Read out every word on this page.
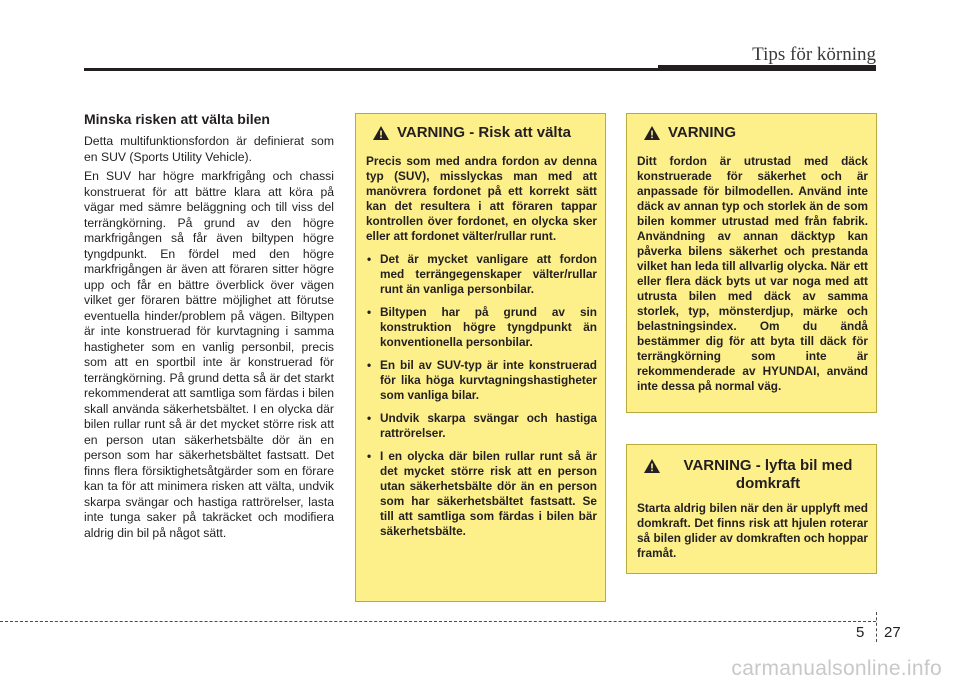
Tips för körning
Minska risken att välta bilen

Detta multifunktionsfordon är definierat som en SUV (Sports Utility Vehicle).

En SUV har högre markfrigång och chassi konstruerat för att bättre klara att köra på vägar med sämre beläggning och till viss del terrängkörning. På grund av den högre markfrigången så får även biltypen högre tyngdpunkt. En fördel med den högre markfrigången är även att föraren sitter högre upp och får en bättre överblick över vägen vilket ger föraren bättre möjlighet att förutse eventuella hinder/problem på vägen. Biltypen är inte konstruerad för kurvtagning i samma hastigheter som en vanlig personbil, precis som att en sportbil inte är konstruerad för terrängkörning. På grund detta så är det starkt rekommenderat att samtliga som färdas i bilen skall använda säkerhetsbältet. I en olycka där bilen rullar runt så är det mycket större risk att en person utan säkerhetsbälte dör än en person som har säkerhetsbältet fastsatt. Det finns flera försiktighetsåtgärder som en förare kan ta för att minimera risken att välta, undvik skarpa svängar och hastiga rattrörelser, lasta inte tunga saker på takräcket och modifiera aldrig din bil på något sätt.

VARNING - Risk att välta

Precis som med andra fordon av denna typ (SUV), misslyckas man med att manövrera fordonet på ett korrekt sätt kan det resultera i att föraren tappar kontrollen över fordonet, en olycka sker eller att fordonet välter/rullar runt.

• Det är mycket vanligare att fordon med terrängegenskaper välter/rullar runt än vanliga personbilar.
• Biltypen har på grund av sin konstruktion högre tyngdpunkt än konventionella personbilar.
• En bil av SUV-typ är inte konstruerad för lika höga kurvtagningshastigheter som vanliga bilar.
• Undvik skarpa svängar och hastiga rattrörelser.
• I en olycka där bilen rullar runt så är det mycket större risk att en person utan säkerhetsbälte dör än en person som har säkerhetsbältet fastsatt. Se till att samtliga som färdas i bilen bär säkerhetsbälte.
VARNING

Ditt fordon är utrustad med däck konstruerade för säkerhet och är anpassade för bilmodellen. Använd inte däck av annan typ och storlek än de som bilen kommer utrustad med från fabrik. Användning av annan däcktyp kan påverka bilens säkerhet och prestanda vilket han leda till allvarlig olycka. När ett eller flera däck byts ut var noga med att utrusta bilen med däck av samma storlek, typ, mönsterdjup, märke och belastningsindex. Om du ändå bestämmer dig för att byta till däck för terrängkörning som inte är rekommenderade av HYUNDAI, använd inte dessa på normal väg.

VARNING - lyfta bil med domkraft

Starta aldrig bilen när den är upplyft med domkraft. Det finns risk att hjulen roterar så bilen glider av domkraften och hoppar framåt.

5 27
carmanualsonline.info
